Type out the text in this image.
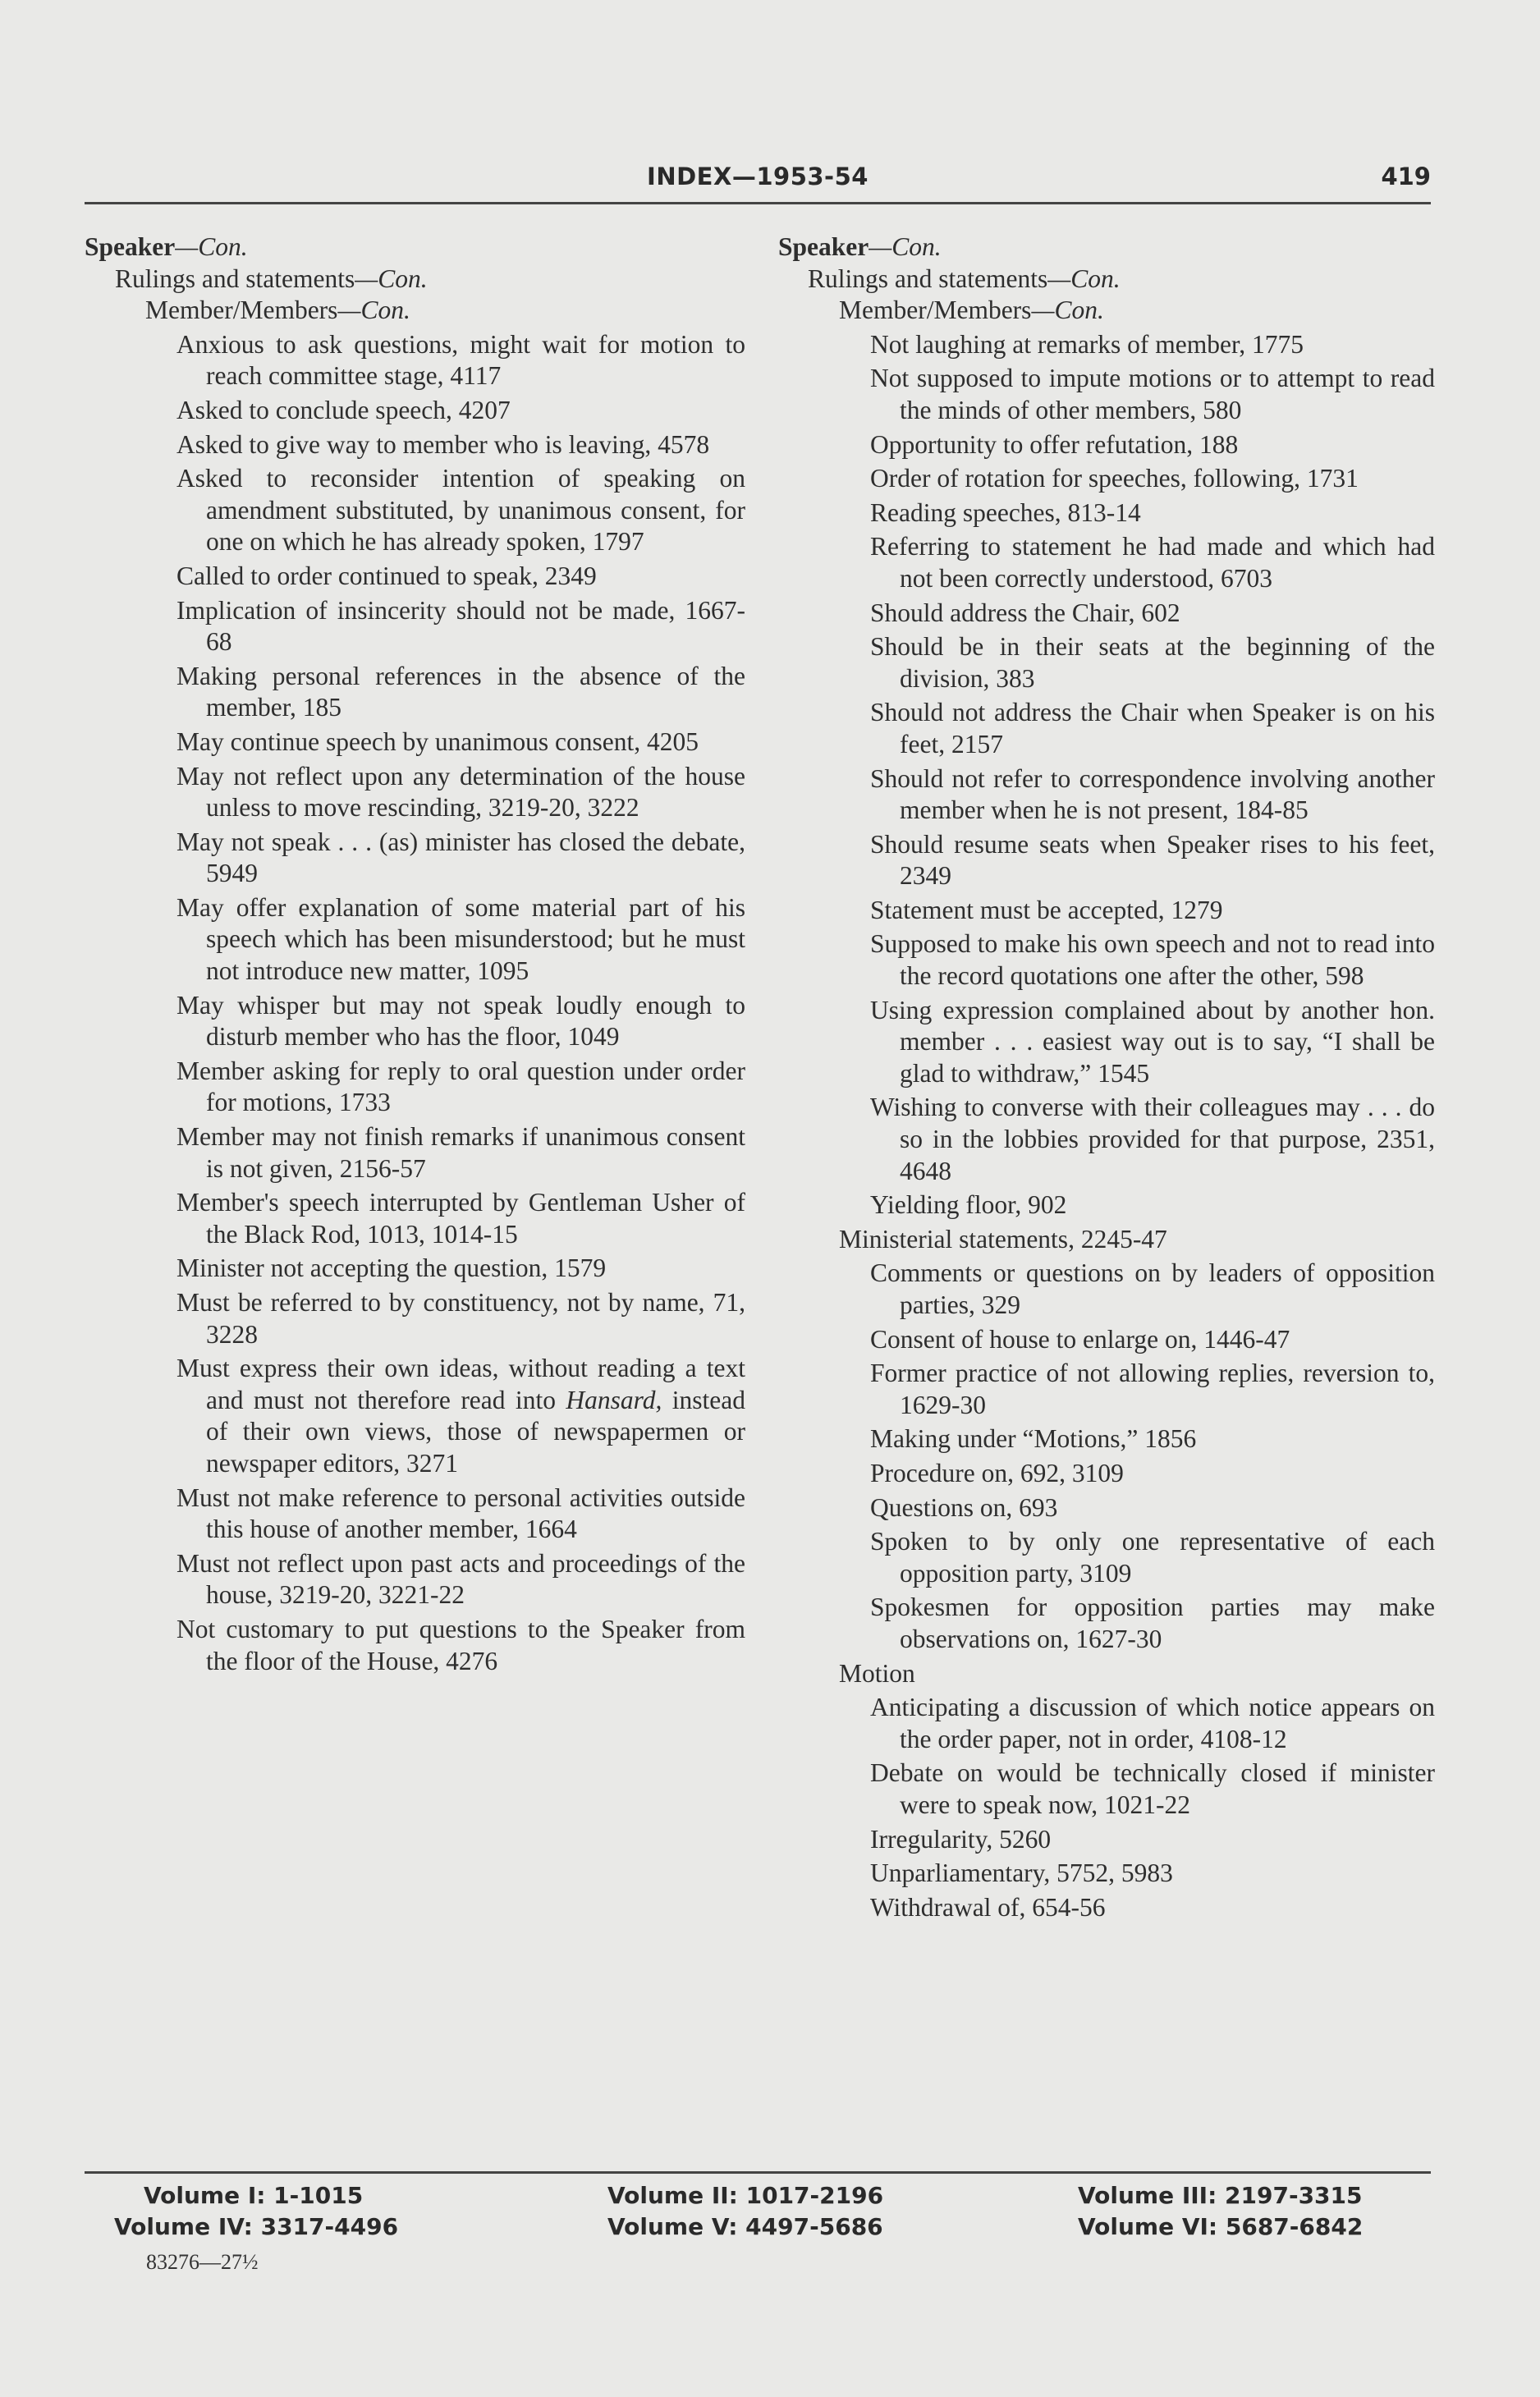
INDEX—1953-54	419
Speaker—Con.
Rulings and statements—Con.
Member/Members—Con.
Anxious to ask questions, might wait for motion to reach committee stage, 4117
Asked to conclude speech, 4207
Asked to give way to member who is leaving, 4578
Asked to reconsider intention of speaking on amendment substituted, by unanimous consent, for one on which he has already spoken, 1797
Called to order continued to speak, 2349
Implication of insincerity should not be made, 1667-68
Making personal references in the absence of the member, 185
May continue speech by unanimous consent, 4205
May not reflect upon any determination of the house unless to move rescinding, 3219-20, 3222
May not speak . . . (as) minister has closed the debate, 5949
May offer explanation of some material part of his speech which has been misunderstood; but he must not introduce new matter, 1095
May whisper but may not speak loudly enough to disturb member who has the floor, 1049
Member asking for reply to oral question under order for motions, 1733
Member may not finish remarks if unanimous consent is not given, 2156-57
Member's speech interrupted by Gentleman Usher of the Black Rod, 1013, 1014-15
Minister not accepting the question, 1579
Must be referred to by constituency, not by name, 71, 3228
Must express their own ideas, without reading a text and must not therefore read into Hansard, instead of their own views, those of newspapermen or newspaper editors, 3271
Must not make reference to personal activities outside this house of another member, 1664
Must not reflect upon past acts and proceedings of the house, 3219-20, 3221-22
Not customary to put questions to the Speaker from the floor of the House, 4276
Speaker—Con.
Rulings and statements—Con.
Member/Members—Con.
Not laughing at remarks of member, 1775
Not supposed to impute motions or to attempt to read the minds of other members, 580
Opportunity to offer refutation, 188
Order of rotation for speeches, following, 1731
Reading speeches, 813-14
Referring to statement he had made and which had not been correctly understood, 6703
Should address the Chair, 602
Should be in their seats at the beginning of the division, 383
Should not address the Chair when Speaker is on his feet, 2157
Should not refer to correspondence involving another member when he is not present, 184-85
Should resume seats when Speaker rises to his feet, 2349
Statement must be accepted, 1279
Supposed to make his own speech and not to read into the record quotations one after the other, 598
Using expression complained about by another hon. member . . . easiest way out is to say, “I shall be glad to withdraw,” 1545
Wishing to converse with their colleagues may . . . do so in the lobbies provided for that purpose, 2351, 4648
Yielding floor, 902
Ministerial statements, 2245-47
Comments or questions on by leaders of opposition parties, 329
Consent of house to enlarge on, 1446-47
Former practice of not allowing replies, reversion to, 1629-30
Making under “Motions,” 1856
Procedure on, 692, 3109
Questions on, 693
Spoken to by only one representative of each opposition party, 3109
Spokesmen for opposition parties may make observations on, 1627-30
Motion
Anticipating a discussion of which notice appears on the order paper, not in order, 4108-12
Debate on would be technically closed if minister were to speak now, 1021-22
Irregularity, 5260
Unparliamentary, 5752, 5983
Withdrawal of, 654-56
Volume I: 1-1015	Volume II: 1017-2196	Volume III: 2197-3315
Volume IV: 3317-4496	Volume V: 4497-5686	Volume VI: 5687-6842
83276—27½
